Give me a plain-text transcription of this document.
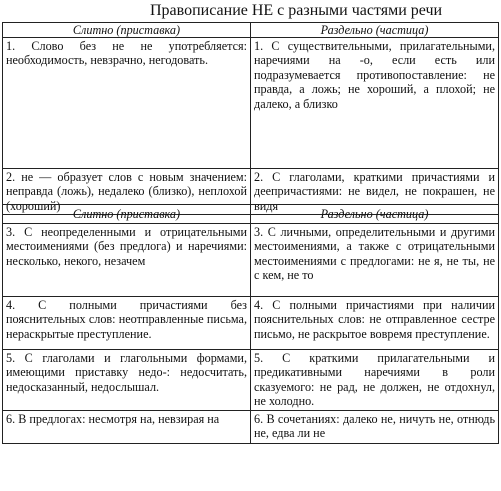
Правописание НЕ с разными частями речи
Слитно (приставка)	Раздельно (частица)
1. Слово без не не употребляется: необходимость, невзрачно, негодовать.	1. С существительными, прилагательными, наречиями на -о, если есть или подразумевается противопоставление: не правда, а ложь; не хороший, а плохой; не далеко, а близко
2. не — образует слов с новым значением: неправда (ложь), недалеко (близко), неплохой (хороший)	2. С глаголами, краткими причастиями и деепричастиями: не видел, не покрашен, не видя
Слитно (приставка)	Раздельно (частица)
3. С неопределенными и отрицательными местоимениями (без предлога) и наречиями: несколько, некого, незачем	3. С личными, определительными и другими местоимениями, а также с отрицательными местоимениями с предлогами: не я, не ты, не с кем, не то
4. С полными причастиями без пояснительных слов: неотправленные письма, нераскрытые преступление.	4. С полными причастиями при наличии пояснительных слов: не отправленное сестре письмо, не раскрытое вовремя преступление.
5. С глаголами и глагольными формами, имеющими приставку недо-: недосчитать, недосказанный, недослышал.	5. С краткими прилагательными и предикативными наречиями в роли сказуемого: не рад, не должен, не отдохнул, не холодно.
6. В предлогах: несмотря на, невзирая на	6. В сочетаниях: далеко не, ничуть не, отнюдь не, едва ли не
